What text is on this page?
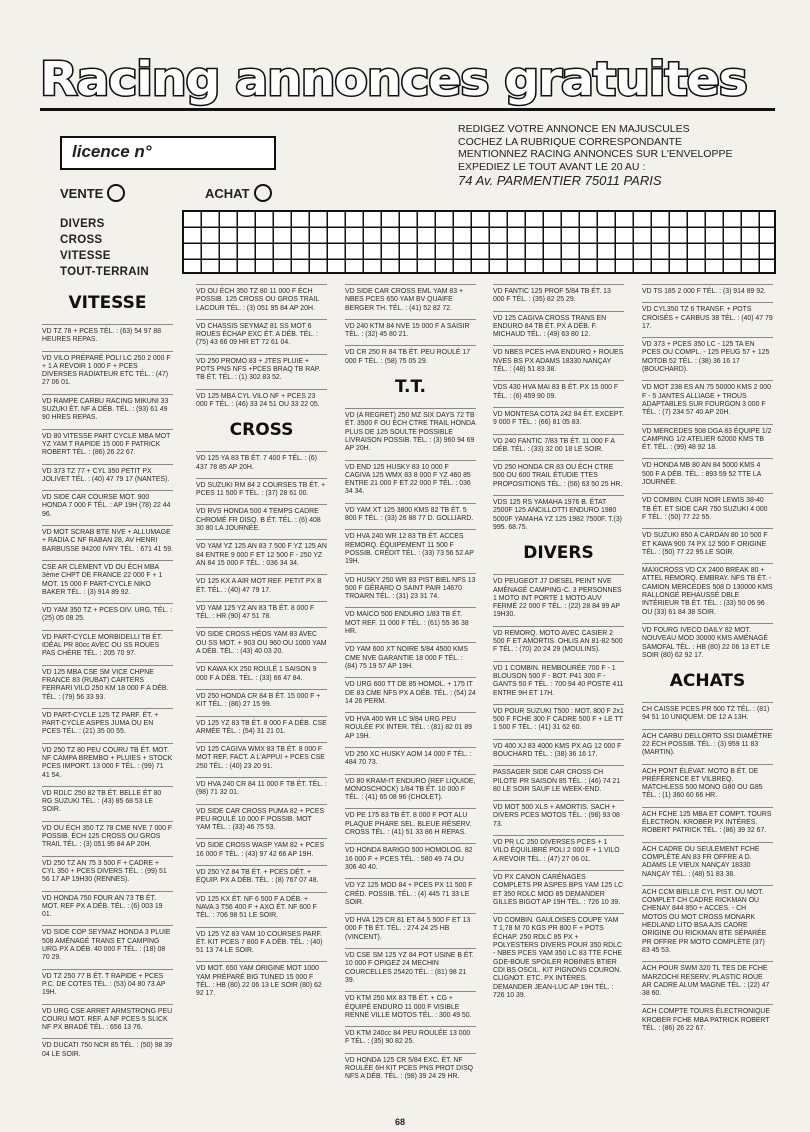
Racing annonces gratuites
licence n°
REDIGEZ VOTRE ANNONCE EN MAJUSCULES
COCHEZ LA RUBRIQUE CORRESPONDANTE
MENTIONNEZ RACING ANNONCES SUR L'ENVELOPPE
EXPEDIEZ LE TOUT AVANT LE 20 AU :
74 Av. PARMENTIER 75011 PARIS
VENTE	ACHAT
DIVERS
CROSS
VITESSE
TOUT-TERRAIN
VITESSE

VD TZ 78 + PCES TÉL. : (63) 54 97 88 HEURES REPAS.

VD VILO PRÉPARÉ POLI LC 250 2 000 F + 1 A REVOIR 1 000 F + PCES DIVERSES RADIATEUR ETC TÉL. : (47) 27 06 01.

VD RAMPE CARBU RACING MIKUNI 33 SUZUKI ÉT. NF A DÉB. TÉL. : (93) 61 49 90 HRES REPAS.

VD 80 VITESSE PART CYCLE MBA MOT YZ YAM T RAPIDE 15 000 F PATRICK ROBERT TÉL. : (86) 26 22 67.

VD 373 TZ 77 + CYL 350 PETIT PX JOLIVET TÉL. : (40) 47 79 17 (NANTES).

VD SIDE CAR COURSE MOT. 900 HONDA 7 000 F TÉL. : AP 19H (78) 22 44 96.

VD MOT SCRAB BTE NVE + ALLUMAGE + RADIA C NF RABAN 28, AV HENRI BARBUSSE 94200 IVRY TÉL. : 671 41 59.

CSE AR CLEMENT VD OU ÉCH MBA 3ème CHPT DE FRANCE 22 000 F + 1 MOT. 15 000 F PART-CYCLE NIKO BAKER TÉL. : (3) 914 89 92.

VD YAM 350 TZ + PCES DIV. URG. TÉL. : (25) 05 08 25.

VD PART-CYCLE MORBIDELLI TB ÉT. IDÉAL PR 80cc AVEC OU SS ROUES PAS CHÈRE TÉL. : 205 70 97.

VD 125 MBA CSE SM VICE CHPNE FRANCE 83 (RUBAT) CARTERS FERRARI VILO 250 KM 18 000 F A DÉB. TÉL. : (79) 56 33 93.

VD PART-CYCLE 125 TZ PARF. ÉT. + PART-CYCLE ASPES JUMA OU EN PCES TÉL. : (21) 35 00 55.

VD 250 TZ 80 PEU COURU TB ÉT. MOT. NF CAMPA BREMBO + PLUIES + STOCK PCES IMPORT. 13 000 F TÉL. : (99) 71 41 54.

VD RDLC 250 82 TB ÉT. BELLE ÉT 80 RG SUZUKI TÉL. : (43) 85 68 53 LE SOIR.

VD OU ÉCH 350 TZ 78 CME NVE 7 000 F POSSIB. ÉCH 125 CROSS OU GROS TRAIL TÉL. : (3) 051 95 84 AP 20H.

VD 250 TZ AN 75 3 500 F + CADRE + CYL 350 + PCES DIVERS TÉL. : (99) 51 56 17 AP 19H30 (RENNES).

VD HONDA 750 FOUR AN 73 TB ÉT. MOT. REF PX A DÉB. TÉL. : (6) 003 19 01.

VD SIDE COP SEYMAZ HONDA 3 PLUIE 508 AMÉNAGÉ TRANS ET CAMPING URG PX A DÉB. 40 000 F TÉL. : (18) 08 70 29.

VD TZ 250 77 B ÉT. T RAPIDE + PCES P.C. DE COTES TÉL. : (53) 04 80 73 AP 19H.

VD URG CSE ARRET ARMSTRONG PEU COURU MOT. REF. A NF PCES 5 SLICK NF PX BRADÉ TÉL. : 656 13 76.

VD DUCATI 750 NCR 85 TÉL. : (50) 98 39 04 LE SOIR.

VD OU ÉCH 350 TZ 80 11 000 F ÉCH POSSIB. 125 CROSS OU GROS TRAIL LACOUR TÉL. : (3) 051 95 84 AP 20H.

VD CHASSIS SEYMAZ 81 SS MOT 6 ROUES ÉCHAP EXC ÉT. A DÉB. TÉL. : (75) 43 66 09 HR ET 72 61 04.

VD 250 PROMO 83 + JTES PLUIE + POTS PNS NFS +PCES BRAQ TB RAP. TB ÉT. TÉL. : (1) 302 83 52.

VD 125 MBA CYL VILO NF + PCES 23 000 F TÉL. : (46) 33 24 51 OU 33 22 05.

CROSS

VD 125 YA 83 TB ÉT. 7 400 F TÉL. : (6) 437 78 85 AP 20H.

VD SUZUKI RM 84 2 COURSES TB ÉT. + PCES 11 500 F TÉL. : (37) 28 61 00.

VD RVS HONDA 500 4 TEMPS CADRE CHROMÉ FR DISQ. B ÉT. TÉL. : (6) 408 30 80 LA JOURNÉE.

VD YAM YZ 125 AN 83 7 500 F YZ 125 AN 84 ENTRE 9 000 F ET 12 500 F - 250 YZ AN 84 15 000 F TÉL. : 036 34 34.

VD 125 KX A AIR MOT REF. PETIT PX B ÉT. TÉL. : (40) 47 79 17.

VD YAM 125 YZ AN 83 TB ÉT. 8 000 F TÉL. : HR (90) 47 51 78.

VD SIDE CROSS HÉOS YAM 83 AVEC OU SS MOT. + 903 OU 960 OU 1000 YAM A DÉB. TÉL. : (43) 40 03 20.

VD KAWA KX 250 ROULÉ 1 SAISON 9 000 F A DÉB. TÉL. : (33) 66 47 84.

VD 250 HONDA CR 84 B ÉT. 15 000 F + KIT TÉL. : (86) 27 15 99.

VD 125 YZ 83 TB ÉT. 8 000 F A DÉB. CSE ARMÉE TÉL. : (54) 31 21 01.

VD 125 CAGIVA WMX 83 TB ÉT. 8 000 F MOT REF. FACT. A L'APPUI + PCES CSE 250 TÉL. : (40) 23 20 91.

VD HVA 240 CR 84 11 000 F TB ÉT. TÉL. : (98) 71 32 01.

VD SIDE CAR CROSS PUMA 82 + PCES PEU ROULÉ 10 000 F POSSIB. MOT YAM TÉL. : (33) 46 75 53.

VD SIDE CROSS WASP YAM 82 + PCES 16 000 F TÉL. : (43) 97 42 66 AP 19H.

VD 250 YZ 84 TB ÉT. + PCES DÉT. + ÉQUIP. PX A DÉB. TÉL. : (8) 767 07 48.

VD 125 KX ÉT. NF 6 500 F A DÉB. + NAVA 3 T56 400 F + AXO ÉT. NF 600 F TÉL. : 706 98 51 LE SOIR.

VD 125 YZ 83 YAM 10 COURSES PARF. ÉT. KIT PCES 7 800 F A DÉB. TÉL. : (40) 51 13 74 LE SOIR.

VD MOT. 650 YAM ORIGINE MOT 1000 YAM PRÉPARÉ BIG TUNED 15 000 F TÉL. : HB (80) 22 06 13 LE SOIR (80) 62 92 17.

VD SIDE CAR CROSS EML YAM 83 + NBES PCES 650 YAM BV QUAIFE BERGER TH. TÉL. : (41) 52 82 72.

VD 240 KTM 84 NVE 15 000 F A SAISIR TÉL. : (32) 45 80 21.

VD CR 250 R 84 TB ÉT. PEU ROULÉ 17 000 F TÉL. : (58) 75 05 29.

T.T.

VD (A REGRET) 250 MZ SIX DAYS 72 TB ÉT. 3500 F OU ÉCH CTRE TRAIL HONDA PLUS DE 125 SOULTE POSSIBLE LIVRAISON POSSIB. TÉL. : (3) 960 94 69 AP 20H.

VD END 125 HUSKY 83 10 000 F CAGIVA 125 WMX 83 8 000 F YZ 460 85 ENTRE 21 000 F ET 22 000 F TÉL. : 036 34 34.

VD YAM XT 125 3800 KMS 82 TB ÉT. 5 800 F TÉL. : (33) 26 88 77 D. GOLLIARD.

VD HVA 240 WR 12 83 TB ÉT. ACCES REMORQ. ÉQUIPEMENT 11 500 F POSSIB. CRÉDIT TÉL. : (33) 73 56 52 AP 19H.

VD HUSKY 250 WR 83 PIST BIEL NFS 13 500 F GÉRARD O SAINT PAIR 14670 TROARN TÉL. : (31) 23 31 74.

VD MAICO 500 ENDURO 1/83 TB ÉT. MOT REF. 11 000 F TÉL. : (61) 55 36 38 HR.

VD YAM 600 XT NOIRE 5/84 4500 KMS CME NVE GARANTIE 18 000 F TÉL. : (84) 75 19 57 AP 19H.

VD URG 600 TT DE 85 HOMOL. + 175 IT DE 83 CME NFS PX A DÉB. TÉL. : (54) 24 14 26 PERM.

VD HVA 400 WR LC 9/84 URG PEU ROULÉE PX INTER. TÉL. : (81) 82 01 89 AP 19H.

VD 250 XC HUSKY AOM 14 000 F TÉL. : 484 70 73.

VD 80 KRAM-IT ENDURO (REF LIQUIDE, MONOSCHOCK) 1/84 TB ÉT. 10 000 F TÉL. : (41) 65 08 96 (CHOLET).

VD PE 175 83 TB ÉT. 8 000 F POT ALU PLAQUE PHARE SEL. BLEUE RÉSERV. CROSS TÉL. : (41) 51 33 86 H REPAS.

VD HONDA BARIGO 500 HOMOLOG. 82 16 000 F + PCES TÉL. : 580 49 74 OU 306 40 40.

VD YZ 125 MOD 84 + PCES PX 11 500 F CRÉD. POSSIB. TÉL. : (4) 445 71 33 LE SOIR.

VD HVA 125 CR 81 ET 84 5 500 F ET 13 000 F TB ÉT. TÉL. : 274 24 25 HB (VINCENT).

VD CSE SM 125 YZ 84 POT USINE B ÉT. 10 000 F OPIGEZ 24 MECHIN COURCELLES 25420 TÉL. : (81) 98 21 39.

VD KTM 250 MX 83 TB ÉT. + CG + ÉQUIPÉ ENDURO 11 000 F VISIBLE RENNE VILLE MOTOS TÉL. : 300 49 50.

VD KTM 240cc 84 PEU ROULÉE 13 000 F TÉL. : (35) 90 82 25.

VD HONDA 125 CR 5/84 EXC. ÉT. NF ROULÉE 6H KIT PCES PNS PROT DISQ NFS A DÉB. TÉL. : (98) 39 24 29 HR.

VD FANTIC 125 PROF 5/84 TB ÉT. 13 000 F TÉL. : (35) 82 25 29.

VD 125 CAGIVA CROSS TRANS EN ENDURO 84 TB ÉT. PX A DÉB. F. MICHAUD TÉL. : (49) 63 80 12.

VD NBES PCES HVA ENDURO + ROUES NVES BS PX ADAMS 18330 NANÇAY TÉL. : (48) 51 83 38.

VDS 430 HVA MAI 83 B ÉT. PX 15 000 F TÉL. : (6) 459 90 09.

VD MONTESA COTA 242 84 ÉT. EXCEPT. 9 000 F TÉL. : (66) 81 05 83.

VD 240 FANTIC 7/83 TB ÉT. 11 000 F A DÉB. TÉL. : (33) 32 00 18 LE SOIR.

VD 250 HONDA CR 83 OU ÉCH CTRE 500 OU 600 TRAIL ÉTUDIE TTES PROPOSITIONS TÉL. : (56) 63 50 25 HR.

VDS 125 RS YAMAHA 1976 B. ÉTAT 2500F 125 ANCILLOTTI ENDURO 1980 5000F YAMAHA YZ 125 1982 7500F. T.(3) 995. 68.75.

DIVERS

VD PEUGEOT J7 DIESEL PEINT NVE AMÉNAGÉ CAMPING-C. 3 PERSONNES 1 MOTO INT PORTE 1 MOTO AUV FERMÉ 22 000 F TÉL. : (22) 28 84 99 AP 19H30.

VD REMORQ. MOTO AVEC CASIER 2 500 F ET AMORTIS. OHLIS AN 81-82 500 F TÉL. : (70) 20 24 29 (MOULINS).

VD 1 COMBIN. REMBOURÉE 700 F - 1 BLOUSON 500 F - BOT. P41 300 F - GANTS 50 F TÉL. : 700 94 40 POSTE 411 ENTRE 9H ET 17H.

VD POUR SUZUKI T500 : MOT. 800 F 2x1 500 F FCHE 300 F CADRE 500 F + LE TT 1 500 F TÉL. : (41) 31 62 60.

VD 400 XJ 83 4000 KMS PX AG 12 000 F BOUCHARD TÉL. : (38) 36 16 17.

PASSAGER SIDE CAR CROSS CH PILOTE PR SAISON 85 TÉL. : (46) 74 21 80 LE SOIR SAUF LE WEEK-END.

VD MOT 500 XLS + AMORTIS. SACH + DIVERS PCES MOTOS TÉL. : (98) 93 08 73.

VD PR LC 250 DIVERSES PCES + 1 VILO ÉQUILIBRÉ POLI 2 000 F + 1 VILO A REVOIR TÉL. : (47) 27 06 01.

VD PX CANON CARÉNAGES COMPLETS PR ASPES BPS YAM 125 LC ET 350 RDLC MOD 85 DEMANDER GILLES BIGOT AP 19H TÉL. : 726 10 39.

VD COMBIN. GAULOISES COUPE YAM T 1,78 M 70 KGS PR 800 F + POTS ÉCHAP. 250 RDLC 85 PX + POLYESTERS DIVERS POUR 350 RDLC - NBES PCES YAM 350 LC 83 TTE FCHE GDE-BOUE SPOILER ROBINES BTIER CDI BS OSCIL. KIT PIGNONS COURON. CLIGNOT. ETC. PX INTÉRES. DEMANDER JEAN-LUC AP 19H TÉL. : 726 10 39.

VD TS 185 2 000 F TÉL. : (3) 914 89 92.

VD CYL350 TZ 6 TRANSF. + POTS CROISÉS + CARBUS 38 TÉL. : (40) 47 79 17.

VD 373 + PCES 350 LC - 125 TA EN PCES OU COMPL. - 125 PEUG 57 + 125 MOTOB 52 TÉL. : (38) 36 16 17 (BOUCHARD).

VD MOT 238 ES AN 75 50000 KMS 2 000 F - 5 JANTES ALLIAGE + TROUS ADAPTABLES SUR FOURGON 3 000 F TÉL. : (7) 234 57 40 AP 20H.

VD MERCEDES 508 DGA 83 ÉQUIPE 1/2 CAMPING 1/2 ATELIER 62000 KMS TB ÉT. TÉL. : (99) 48 92 18.

VD HONDA MB 80 AN 84 5000 KMS 4 500 F A DÉB. TÉL. : 893 59 52 TTE LA JOURNÉE.

VD COMBIN. CUIR NOIR LEWIS 38-40 TB ÉT. ET SIDE CAR 750 SUZUKI 4 000 F TÉL. : (50) 77 22 55.

VD SUZUKI 850 A CARDAN 80 10 500 F ET KAWA 900 74 PX 12 500 F ORIGINE TÉL. : (50) 77 22 95 LE SOIR.

MAXICROSS VD CX 2400 BREAK 80 + ATTEL REMORQ. EMBRAY. NFS TB ÉT. - CAMION MERCEDES 508 D 130000 KMS RALLONGÉ REHAUSSÉ DBLE INTÉRIEUR TB ÉT. TÉL. : (33) 50 06 96 OU (33) 61 84 38 SOIR.

VD FOURG IVECO DAILY 82 MOT. NOUVEAU MOD 30000 KMS AMÉNAGÉ SAMOFAL TÉL. : HB (80) 22 06 13 ET LE SOIR (80) 62 92 17.

ACHATS

CH CAISSE PCES PR 500 TZ TÉL. : (81) 94 51 10 UNIQUEM. DE 12 A 13H.

ACH CARBU DELLORTO SSI DIAMÈTRE 22 ÉCH POSSIB. TÉL. : (3) 959 11 83 (MARTIN).

ACH PONT ÉLÉVAT. MOTO B ÉT. DE PRÉFÉRENCE ET VILBREQ. MATCHLESS 500 MONO G80 OU G85 TÉL. : (1) 360 60 66 HR.

ACH FCHE 125 MBA ET COMPT. TOURS ÉLECTRON. KROBER PX INTÉRES. ROBERT PATRICK TÉL. : (86) 39 32 67.

ACH CADRE OU SEULEMENT FCHE COMPLÈTE AN 83 FR OFFRE A D. ADAMS LE VIEUX NANÇAY 18330 NANÇAY TÉL. : (48) 51 83 38.

ACH CCM BIELLE CYL PIST. OU MOT. COMPLET CH CADRE RICKMAN OU CHENAY 844 850 + ACCES. - CH MOTOS OU MOT CROSS MONARK HEDLAND LITO BSA AJS CADRE ORIGINE OU RICKMAN BTE SÉPARÉE PR OFFRE PR MOTO COMPLÈTE (37) 83 45 53.

ACH POUR SWM 320 TL TES DE FCHE MARZOCHI RESERV. PLASTIC ROUE AR CADRE ALUM MAGNE TÉL. : (22) 47 38 60.

ACH COMPTE TOURS ÉLECTRONIQUE KROBER FCHE MBA PATRICK ROBERT TÉL. : (86) 26 22 67.

68
